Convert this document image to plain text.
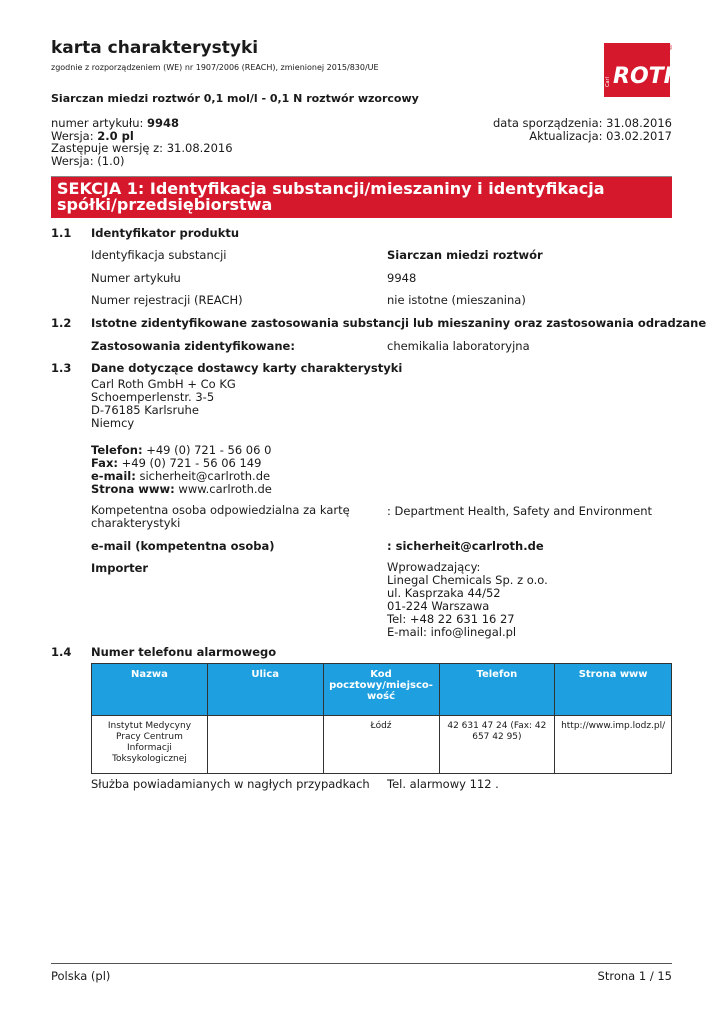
karta charakterystyki
zgodnie z rozporządzeniem (WE) nr 1907/2006 (REACH), zmienionej 2015/830/UE
®
Carl ROTH
Siarczan miedzi roztwór 0,1 mol/l - 0,1 N roztwór wzorcowy
numer artykułu: 9948
Wersja: 2.0 pl
Zastępuje wersję z: 31.08.2016
Wersja: (1.0)
data sporządzenia: 31.08.2016
Aktualizacja: 03.02.2017
SEKCJA 1: Identyfikacja substancji/mieszaniny i identyfikacja spółki/przedsiębiorstwa
1.1 Identyfikator produktu
Identyfikacja substancji	Siarczan miedzi roztwór
Numer artykułu	9948
Numer rejestracji (REACH)	nie istotne (mieszanina)
1.2 Istotne zidentyfikowane zastosowania substancji lub mieszaniny oraz zastosowania odradzane
Zastosowania zidentyfikowane:	chemikalia laboratoryjna
1.3 Dane dotyczące dostawcy karty charakterystyki
Carl Roth GmbH + Co KG
Schoemperlenstr. 3-5
D-76185 Karlsruhe
Niemcy
Telefon: +49 (0) 721 - 56 06 0
Fax: +49 (0) 721 - 56 06 149
e-mail: sicherheit@carlroth.de
Strona www: www.carlroth.de
Kompetentna osoba odpowiedzialna za kartę charakterystyki
: Department Health, Safety and Environment
e-mail (kompetentna osoba)	: sicherheit@carlroth.de
Importer	Wprowadzający:
Linegal Chemicals Sp. z o.o.
ul. Kasprzaka 44/52
01-224 Warszawa
Tel: +48 22 631 16 27
E-mail: info@linegal.pl
1.4 Numer telefonu alarmowego
Nazwa	Ulica	Kod pocztowy/miejsco-wość	Telefon	Strona www
Instytut Medycyny Pracy Centrum Informacji Toksykologicznej		Łódź	42 631 47 24 (Fax: 42 657 42 95)	http://www.imp.lodz.pl/
Służba powiadamianych w nagłych przypadkach Tel. alarmowy 112 .
Polska (pl)	Strona 1 / 15
